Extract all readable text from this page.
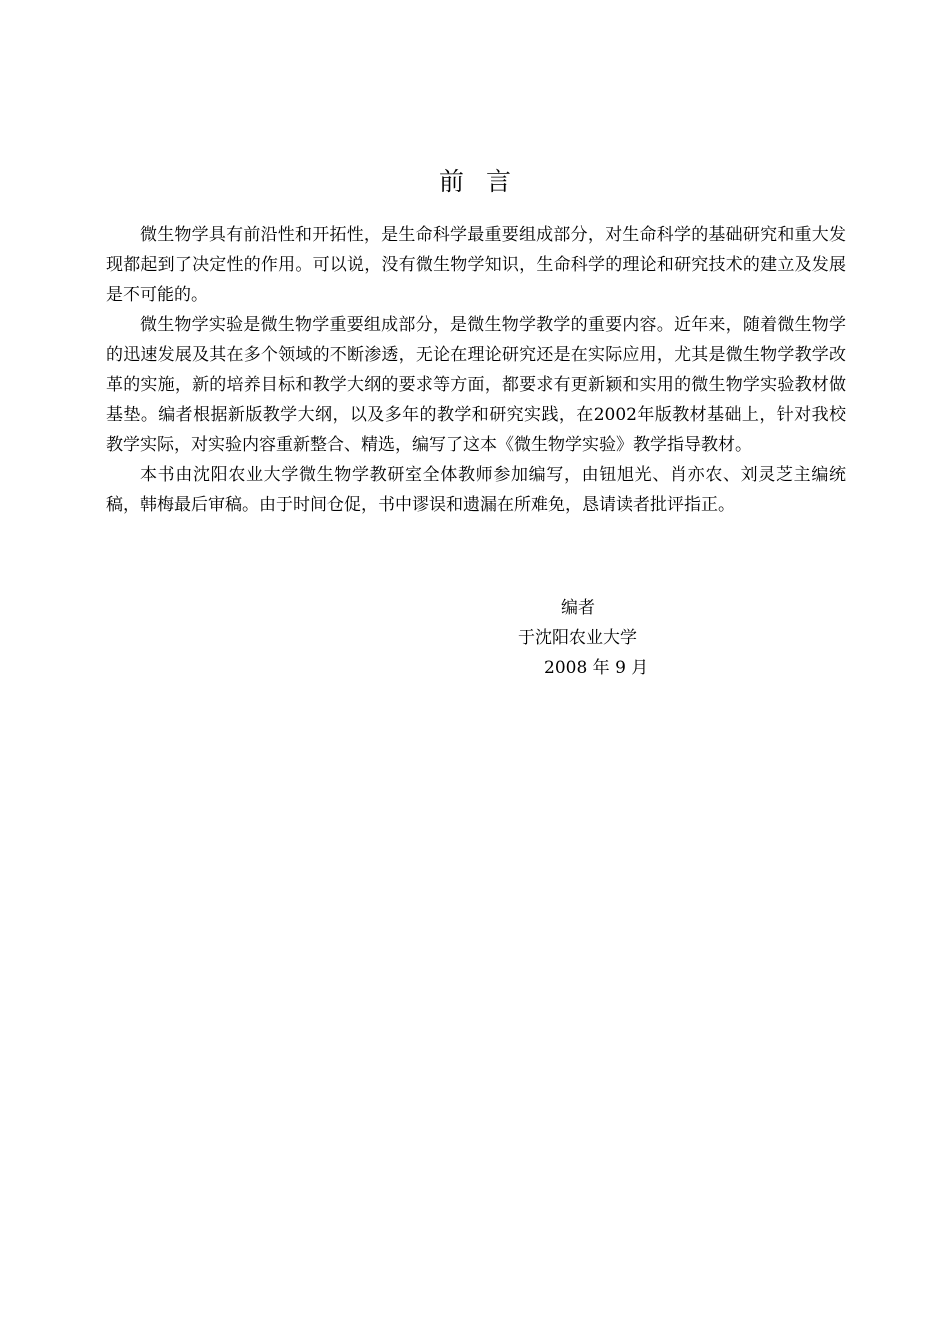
前言

微生物学具有前沿性和开拓性，是生命科学最重要组成部分，对生命科学的基础研究和重大发现都起到了决定性的作用。可以说，没有微生物学知识，生命科学的理论和研究技术的建立及发展是不可能的。

微生物学实验是微生物学重要组成部分，是微生物学教学的重要内容。近年来，随着微生物学的迅速发展及其在多个领域的不断渗透，无论在理论研究还是在实际应用，尤其是微生物学教学改革的实施，新的培养目标和教学大纲的要求等方面，都要求有更新颖和实用的微生物学实验教材做基垫。编者根据新版教学大纲，以及多年的教学和研究实践，在2002年版教材基础上，针对我校教学实际，对实验内容重新整合、精选，编写了这本《微生物学实验》教学指导教材。

本书由沈阳农业大学微生物学教研室全体教师参加编写，由钮旭光、肖亦农、刘灵芝主编统稿，韩梅最后审稿。由于时间仓促，书中谬误和遗漏在所难免，恳请读者批评指正。

编者
于沈阳农业大学
2008 年 9 月
